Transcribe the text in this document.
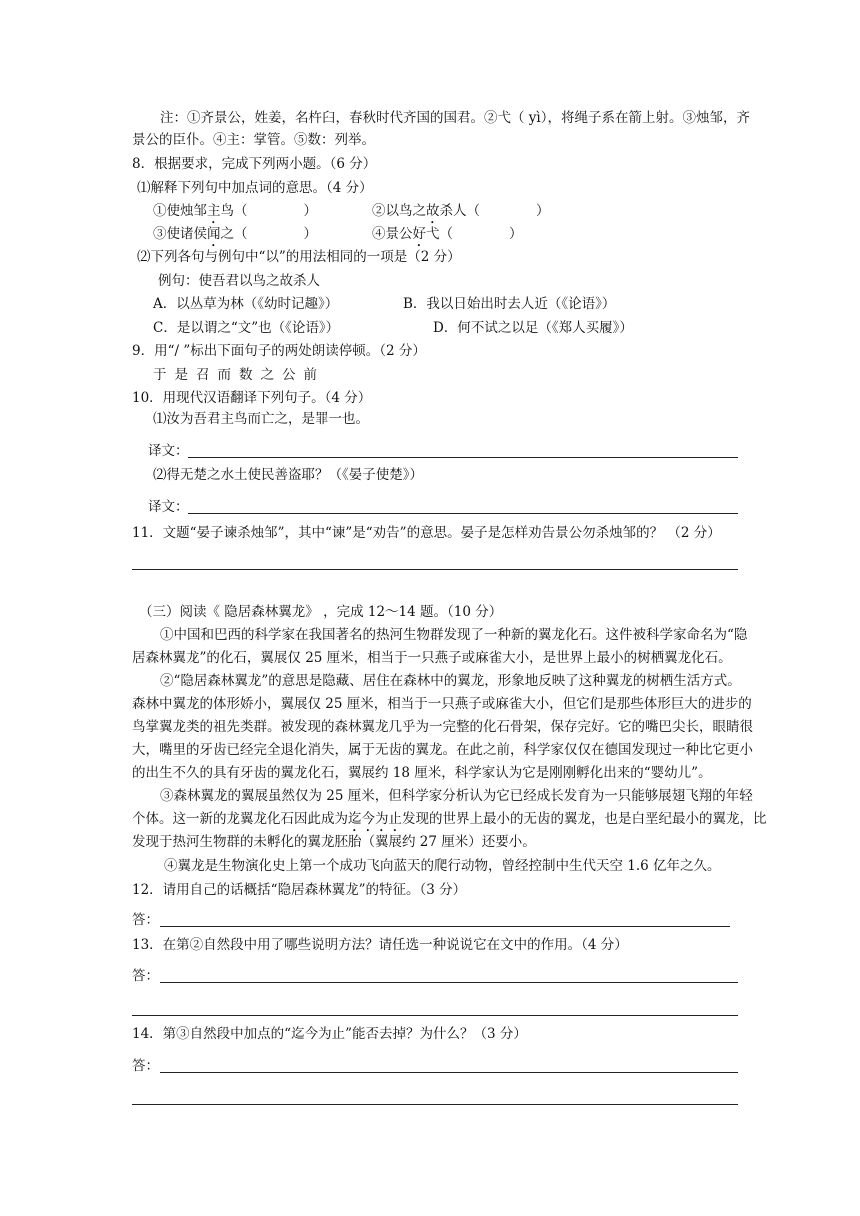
注：①齐景公，姓姜，名杵臼，春秋时代齐国的国君。②弋（ yì），将绳子系在箭上射。③烛邹，齐
景公的臣仆。④主：掌管。⑤数：列举。
8．根据要求，完成下列两小题。（6 分）
⑴解释下列句中加点词的意思。（4 分）
①使烛邹主鸟（	）	②以鸟之故杀人（	）
③使诸侯闻之（	）	④景公好弋（	）
⑵下列各句与例句中“以”的用法相同的一项是（2 分）
例句：使吾君以鸟之故杀人
A．以丛草为林（《幼时记趣》）	B．我以日始出时去人近（《论语》）
C．是以谓之“文”也（《论语》）	D．何不试之以足（《郑人买履》）
9．用“/ ”标出下面句子的两处朗读停顿。（2 分）
于是召而数之公前
10．用现代汉语翻译下列句子。（4 分）
⑴汝为吾君主鸟而亡之，是罪一也。
译文：
⑵得无楚之水土使民善盗耶？（《晏子使楚》）
译文：
11．文题“晏子谏杀烛邹”，其中“谏”是“劝告”的意思。晏子是怎样劝告景公勿杀烛邹的？ （2 分）
（三）阅读《 隐居森林翼龙》 ，完成 12～14 题。（10 分）
①中国和巴西的科学家在我国著名的热河生物群发现了一种新的翼龙化石。这件被科学家命名为“隐
居森林翼龙”的化石，翼展仅 25 厘米，相当于一只燕子或麻雀大小，是世界上最小的树栖翼龙化石。
②“隐居森林翼龙”的意思是隐藏、居住在森林中的翼龙，形象地反映了这种翼龙的树栖生活方式。
森林中翼龙的体形娇小，翼展仅 25 厘米，相当于一只燕子或麻雀大小，但它们是那些体形巨大的进步的
鸟掌翼龙类的祖先类群。被发现的森林翼龙几乎为一完整的化石骨架，保存完好。它的嘴巴尖长，眼睛很
大，嘴里的牙齿已经完全退化消失，属于无齿的翼龙。在此之前，科学家仅仅在德国发现过一种比它更小
的出生不久的具有牙齿的翼龙化石，翼展约 18 厘米，科学家认为它是刚刚孵化出来的“婴幼儿”。
③森林翼龙的翼展虽然仅为 25 厘米，但科学家分析认为它已经成长发育为一只能够展翅飞翔的年轻
个体。这一新的龙翼龙化石因此成为迄今为止发现的世界上最小的无齿的翼龙，也是白垩纪最小的翼龙，比
发现于热河生物群的未孵化的翼龙胚胎（翼展约 27 厘米）还要小。
④翼龙是生物演化史上第一个成功飞向蓝天的爬行动物，曾经控制中生代天空 1.6 亿年之久。
12．请用自己的话概括“隐居森林翼龙”的特征。（3 分）
答：
13．在第②自然段中用了哪些说明方法？请任选一种说说它在文中的作用。（4 分）
答：
14．第③自然段中加点的“迄今为止”能否去掉？为什么？（3 分）
答：
